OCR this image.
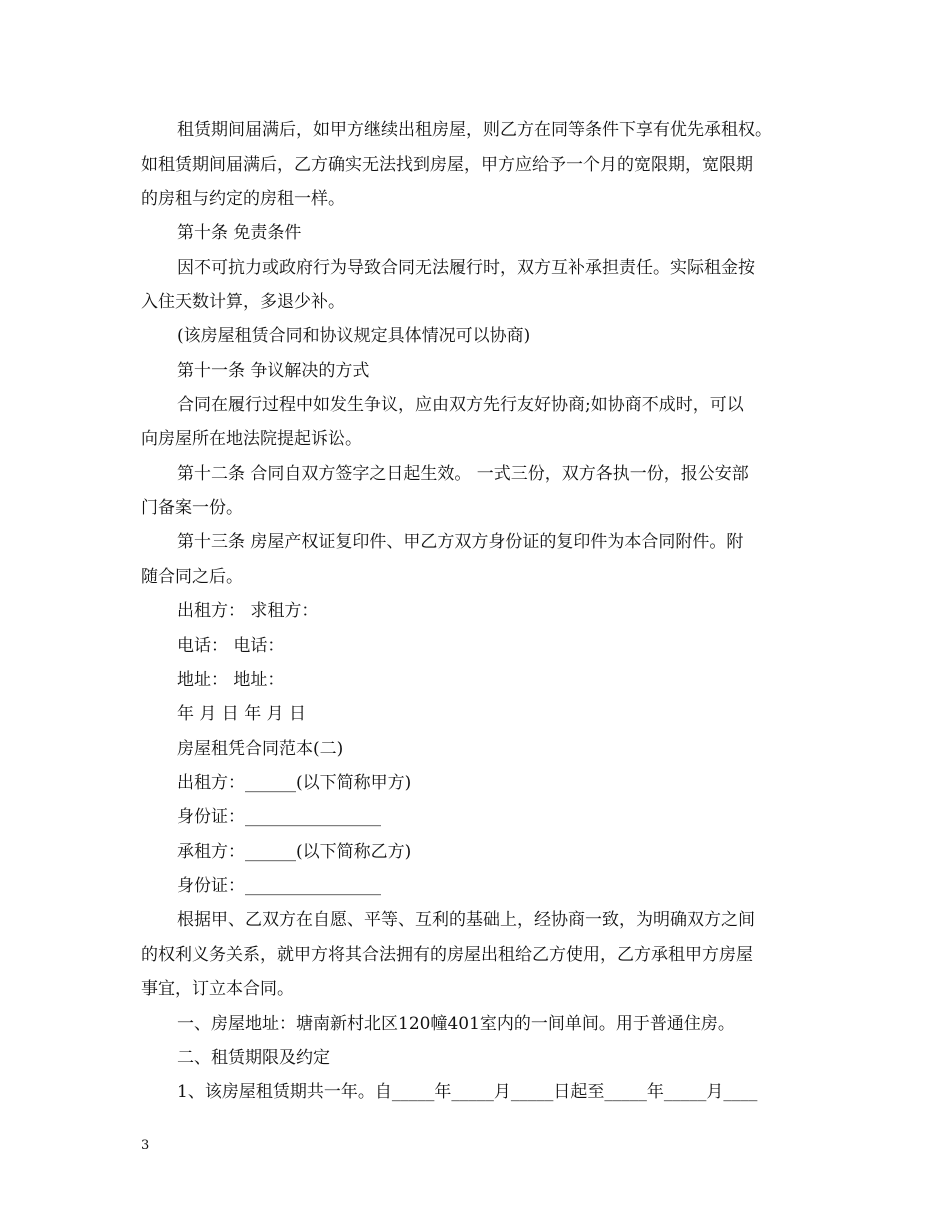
租赁期间届满后，如甲方继续出租房屋，则乙方在同等条件下享有优先承租权。
如租赁期间届满后，乙方确实无法找到房屋，甲方应给予一个月的宽限期，宽限期
的房租与约定的房租一样。
第十条 免责条件
因不可抗力或政府行为导致合同无法履行时，双方互补承担责任。实际租金按
入住天数计算，多退少补。
(该房屋租赁合同和协议规定具体情况可以协商)
第十一条 争议解决的方式
合同在履行过程中如发生争议，应由双方先行友好协商;如协商不成时，可以
向房屋所在地法院提起诉讼。
第十二条 合同自双方签字之日起生效。 一式三份，双方各执一份，报公安部
门备案一份。
第十三条 房屋产权证复印件、甲乙方双方身份证的复印件为本合同附件。附
随合同之后。
出租方： 求租方：
电话： 电话：
地址： 地址：
年 月 日 年 月 日
房屋租凭合同范本(二)
出租方：______(以下简称甲方)
身份证：________________
承租方：______(以下简称乙方)
身份证：________________
根据甲、乙双方在自愿、平等、互利的基础上，经协商一致，为明确双方之间
的权利义务关系，就甲方将其合法拥有的房屋出租给乙方使用，乙方承租甲方房屋
事宜，订立本合同。
一、房屋地址：塘南新村北区120幢401室内的一间单间。用于普通住房。
二、租赁期限及约定
1、该房屋租赁期共一年。自_____年_____月_____日起至_____年_____月____
3
